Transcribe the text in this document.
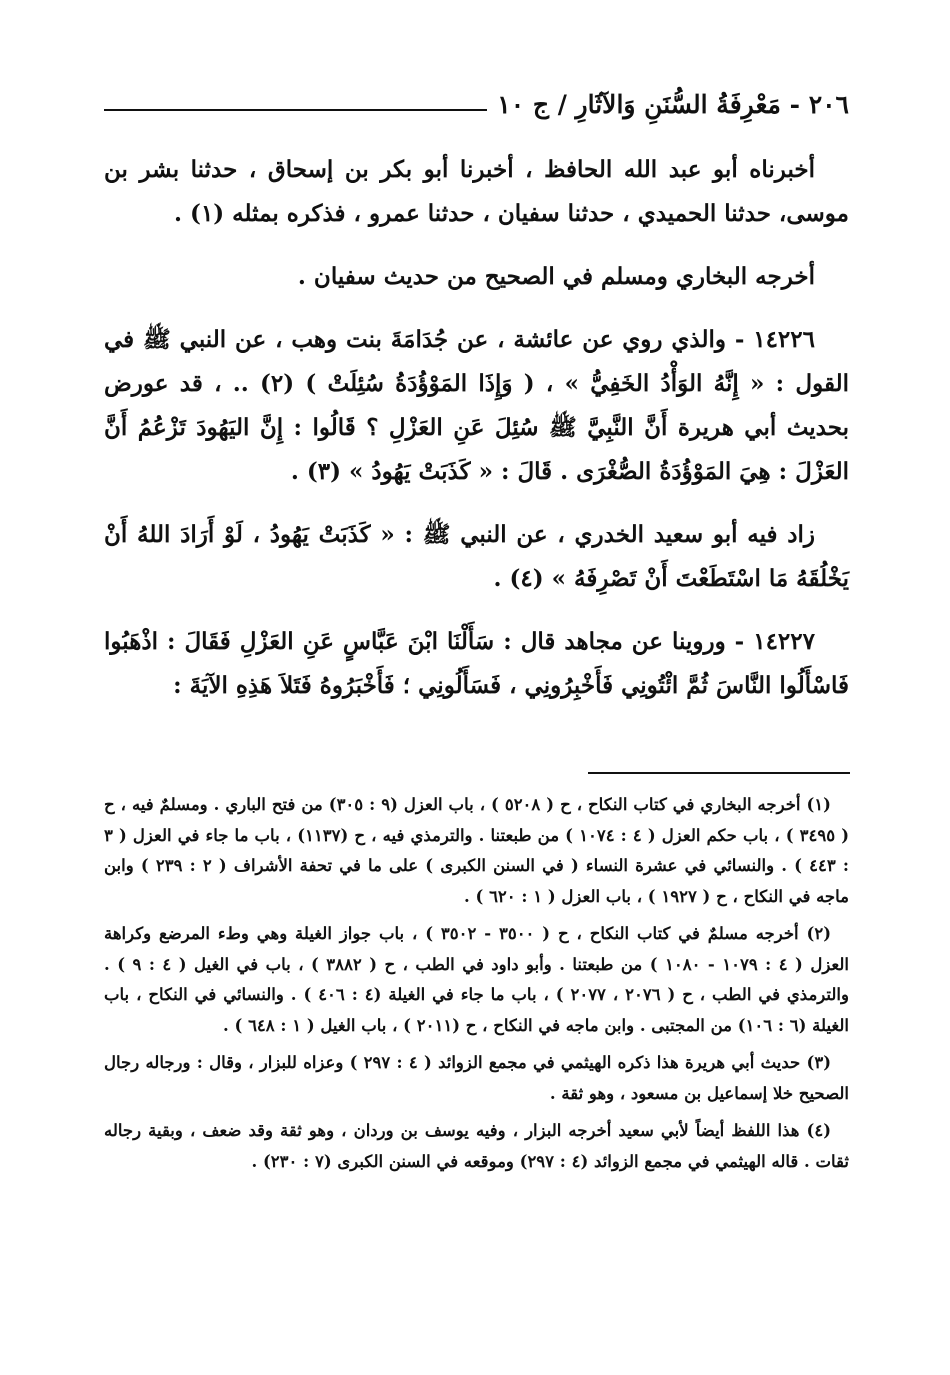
٢٠٦ - مَعْرِفَةُ السُّنَنِ وَالآثَارِ / ج ١٠

أخبرناه أبو عبد الله الحافظ ، أخبرنا أبو بكر بن إسحاق ، حدثنا بشر بن موسى، حدثنا الحميدي ، حدثنا سفيان ، حدثنا عمرو ، فذكره بمثله (١) .

أخرجه البخاري ومسلم في الصحيح من حديث سفيان .

١٤٢٢٦ - والذي روي عن عائشة ، عن جُدَامَةَ بنت وهب ، عن النبي ﷺ في القول : « إِنَّهُ الوَأْدُ الخَفِيُّ » ، ( وَإِذَا المَوْؤُدَةُ سُئِلَتْ ) (٢) .. ، قد عورض بحديث أبي هريرة أَنَّ النَّبِيَّ ﷺ سُئِلَ عَنِ العَزْلِ ؟ قَالُوا : إِنَّ اليَهُودَ تَزْعُمُ أَنَّ العَزْلَ : هِيَ المَوْؤُدَةُ الصُّغْرَى . قَالَ : « كَذَبَتْ يَهُودُ » (٣) .

زاد فيه أبو سعيد الخدري ، عن النبي ﷺ : « كَذَبَتْ يَهُودُ ، لَوْ أَرَادَ اللهُ أَنْ يَخْلُقَهُ مَا اسْتَطَعْتَ أَنْ تَصْرِفَهُ » (٤) .

١٤٢٢٧ - وروينا عن مجاهد قال : سَأَلْنَا ابْنَ عَبَّاسٍ عَنِ العَزْلِ فَقَالَ : اذْهَبُوا فَاسْأَلُوا النَّاسَ ثُمَّ ائْتُونِي فَأَخْبِرُونِي ، فَسَأَلُونِي ؛ فَأَخْبَرُوهُ فَتَلاَ هَذِهِ الآيَةَ :

(١) أخرجه البخاري في كتاب النكاح ، ح ( ٥٢٠٨ ) ، باب العزل (٩ : ٣٠٥) من فتح الباري . ومسلمٌ فيه ، ح ( ٣٤٩٥ ) ، باب حكم العزل ( ٤ : ١٠٧٤ ) من طبعتنا . والترمذي فيه ، ح (١١٣٧) ، باب ما جاء في العزل ( ٣ : ٤٤٣ ) . والنسائي في عشرة النساء ( في السنن الكبرى ) على ما في تحفة الأشراف ( ٢ : ٢٣٩ ) وابن ماجه في النكاح ، ح ( ١٩٢٧ ) ، باب العزل ( ١ : ٦٢٠ ) .

(٢) أخرجه مسلمٌ في كتاب النكاح ، ح ( ٣٥٠٠ - ٣٥٠٢ ) ، باب جواز الغيلة وهي وطء المرضع وكراهة العزل ( ٤ : ١٠٧٩ - ١٠٨٠ ) من طبعتنا . وأبو داود في الطب ، ح ( ٣٨٨٢ ) ، باب في الغيل ( ٤ : ٩ ) . والترمذي في الطب ، ح ( ٢٠٧٦ ، ٢٠٧٧ ) ، باب ما جاء في الغيلة (٤ : ٤٠٦ ) . والنسائي في النكاح ، باب الغيلة (٦ : ١٠٦) من المجتبى . وابن ماجه في النكاح ، ح (٢٠١١ ) ، باب الغيل ( ١ : ٦٤٨ ) .

(٣) حديث أبي هريرة هذا ذكره الهيثمي في مجمع الزوائد ( ٤ : ٢٩٧ ) وعزاه للبزار ، وقال : ورجاله رجال الصحيح خلا إسماعيل بن مسعود ، وهو ثقة .

(٤) هذا اللفظ أيضاً لأبي سعيد أخرجه البزار ، وفيه يوسف بن وردان ، وهو ثقة وقد ضعف ، وبقية رجاله ثقات . قاله الهيثمي في مجمع الزوائد (٤ : ٢٩٧) وموقعه في السنن الكبرى (٧ : ٢٣٠) .
